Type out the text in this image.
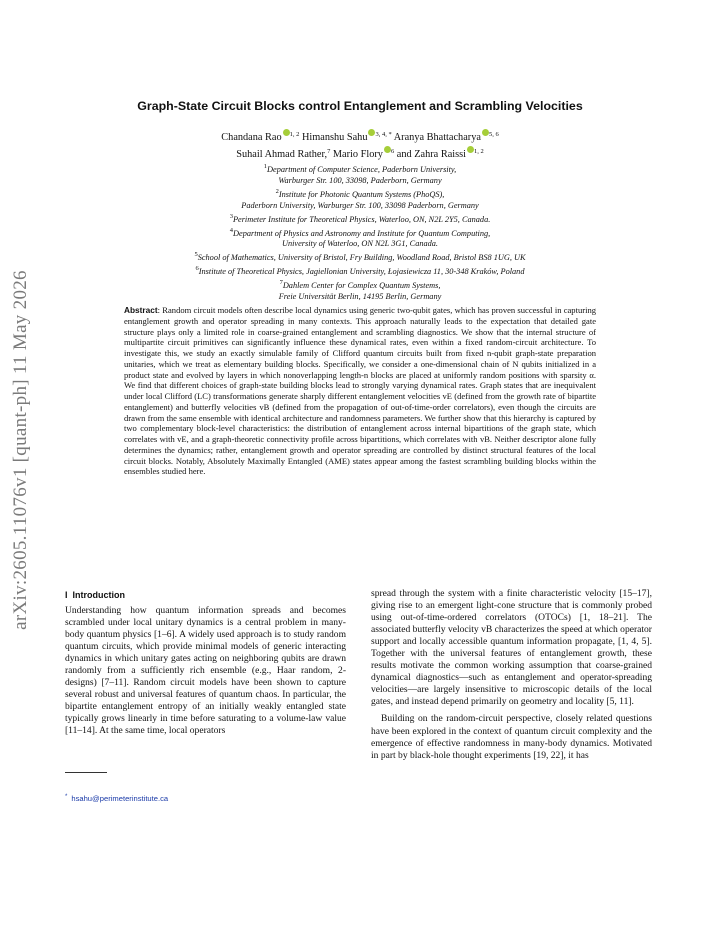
arXiv:2605.11076v1 [quant-ph] 11 May 2026
Graph-State Circuit Blocks control Entanglement and Scrambling Velocities
Chandana Rao $^{1, 2}$ Himanshu Sahu $^{3, 4, *}$ Aranya Bhattacharya $^{5, 6}$
Suhail Ahmad Rather,$^7$ Mario Flory $^6$ and Zahra Raissi $^{1, 2}$
$^1$Department of Computer Science, Paderborn University,
Warburger Str. 100, 33098, Paderborn, Germany
$^2$Institute for Photonic Quantum Systems (PhoQS),
Paderborn University, Warburger Str. 100, 33098 Paderborn, Germany
$^3$Perimeter Institute for Theoretical Physics, Waterloo, ON, N2L 2Y5, Canada.
$^4$Department of Physics and Astronomy and Institute for Quantum Computing,
University of Waterloo, ON N2L 3G1, Canada.
$^5$School of Mathematics, University of Bristol, Fry Building, Woodland Road, Bristol BS8 1UG, UK
$^6$Institute of Theoretical Physics, Jagiellonian University, Łojasiewicza 11, 30-348 Kraków, Poland
$^7$Dahlem Center for Complex Quantum Systems,
Freie Universität Berlin, 14195 Berlin, Germany

Abstract: Random circuit models often describe local dynamics using generic two-qubit gates, which has proven successful in capturing entanglement growth and operator spreading in many contexts. This approach naturally leads to the expectation that detailed gate structure plays only a limited role in coarse-grained entanglement and scrambling diagnostics. We show that the internal structure of multipartite circuit primitives can significantly influence these dynamical rates, even within a fixed random-circuit architecture. To investigate this, we study an exactly simulable family of Clifford quantum circuits built from fixed n-qubit graph-state preparation unitaries, which we treat as elementary building blocks. Specifically, we consider a one-dimensional chain of N qubits initialized in a product state and evolved by layers in which nonoverlapping length-n blocks are placed at uniformly random positions with sparsity α. We find that different choices of graph-state building blocks lead to strongly varying dynamical rates. Graph states that are inequivalent under local Clifford (LC) transformations generate sharply different entanglement velocities vE (defined from the growth rate of bipartite entanglement) and butterfly velocities vB (defined from the propagation of out-of-time-order correlators), even though the circuits are drawn from the same ensemble with identical architecture and randomness parameters. We further show that this hierarchy is captured by two complementary block-level characteristics: the distribution of entanglement across internal bipartitions of the graph state, which correlates with vE, and a graph-theoretic connectivity profile across bipartitions, which correlates with vB. Neither descriptor alone fully determines the dynamics; rather, entanglement growth and operator spreading are controlled by distinct structural features of the local circuit blocks. Notably, Absolutely Maximally Entangled (AME) states appear among the fastest scrambling building blocks within the ensembles studied here.

I Introduction

Understanding how quantum information spreads and becomes scrambled under local unitary dynamics is a central problem in many-body quantum physics [1–6]. A widely used approach is to study random quantum circuits, which provide minimal models of generic interacting dynamics in which unitary gates acting on neighboring qubits are drawn randomly from a sufficiently rich ensemble (e.g., Haar random, 2-designs) [7–11]. Random circuit models have been shown to capture several robust and universal features of quantum chaos. In particular, the bipartite entanglement entropy of an initially weakly entangled state typically grows linearly in time before saturating to a volume-law value [11–14]. At the same time, local operators

spread through the system with a finite characteristic velocity [15–17], giving rise to an emergent light-cone structure that is commonly probed using out-of-time-ordered correlators (OTOCs) [1, 18–21]. The associated butterfly velocity vB characterizes the speed at which operator support and locally accessible quantum information propagate, [1, 4, 5]. Together with the universal features of entanglement growth, these results motivate the common working assumption that coarse-grained dynamical diagnostics—such as entanglement and operator-spreading velocities—are largely insensitive to microscopic details of the local gates, and instead depend primarily on geometry and locality [5, 11].

Building on the random-circuit perspective, closely related questions have been explored in the context of quantum circuit complexity and the emergence of effective randomness in many-body dynamics. Motivated in part by black-hole thought experiments [19, 22], it has

* hsahu@perimeterinstitute.ca
